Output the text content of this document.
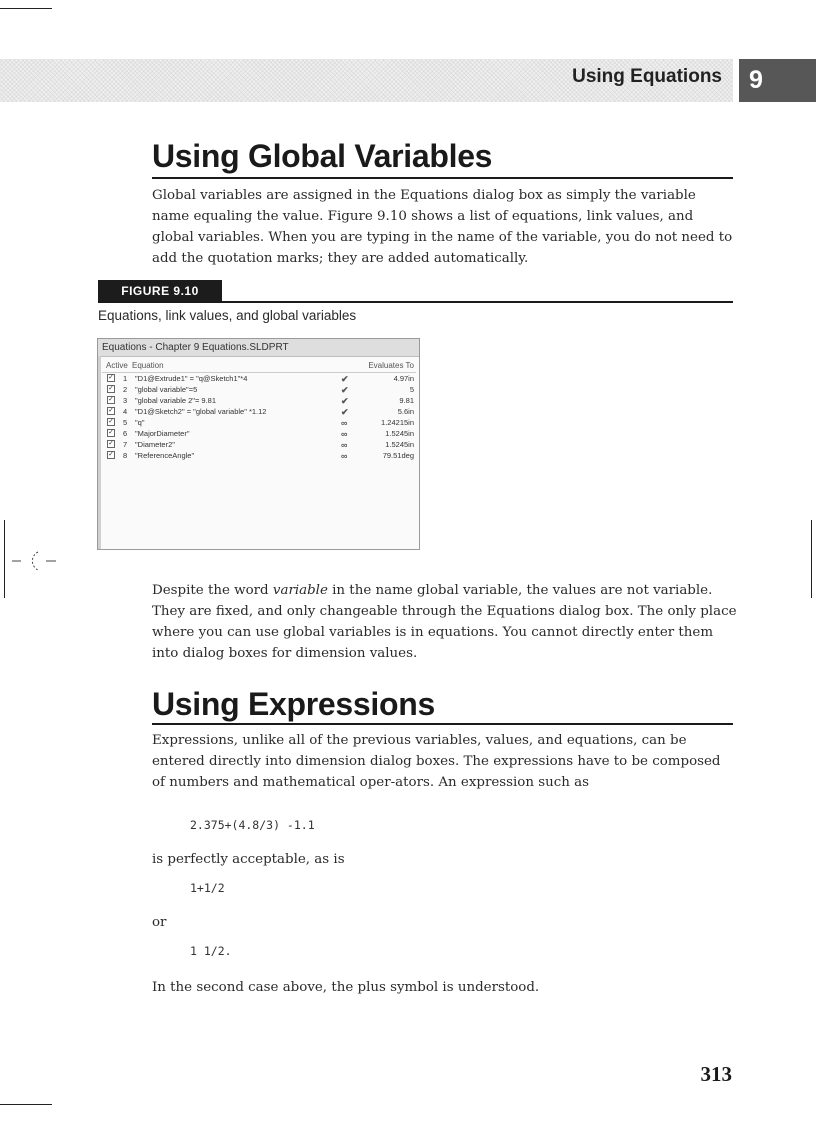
Using Equations	9
Using Global Variables

Global variables are assigned in the Equations dialog box as simply the variable name equaling the value. Figure 9.10 shows a list of equations, link values, and global variables. When you are typing in the name of the variable, you do not need to add the quotation marks; they are added automatically.

FIGURE 9.10
Equations, link values, and global variables
Equations - Chapter 9 Equations.SLDPRT
Active Equation	Evaluates To
✓ 1 "D1@Extrude1" = "q@Sketch1"*4	✔	4.97in
✓ 2 "global variable"=5	✔	5
✓ 3 "global variable 2"= 9.81	✔	9.81
✓ 4 "D1@Sketch2" = "global variable" *1.12	✔	5.6in
✓ 5 "q"	∞	1.24215in
✓ 6 "MajorDiameter"	∞	1.5245in
✓ 7 "Diameter2"	∞	1.5245in
✓ 8 "ReferenceAngle"	∞	79.51deg

Despite the word variable in the name global variable, the values are not variable. They are fixed, and only changeable through the Equations dialog box. The only place where you can use global variables is in equations. You cannot directly enter them into dialog boxes for dimension values.

Using Expressions

Expressions, unlike all of the previous variables, values, and equations, can be entered directly into dimension dialog boxes. The expressions have to be composed of numbers and mathematical oper-ators. An expression such as

2.375+(4.8/3) -1.1

is perfectly acceptable, as is

1+1/2

or

1 1/2.

In the second case above, the plus symbol is understood.

313
